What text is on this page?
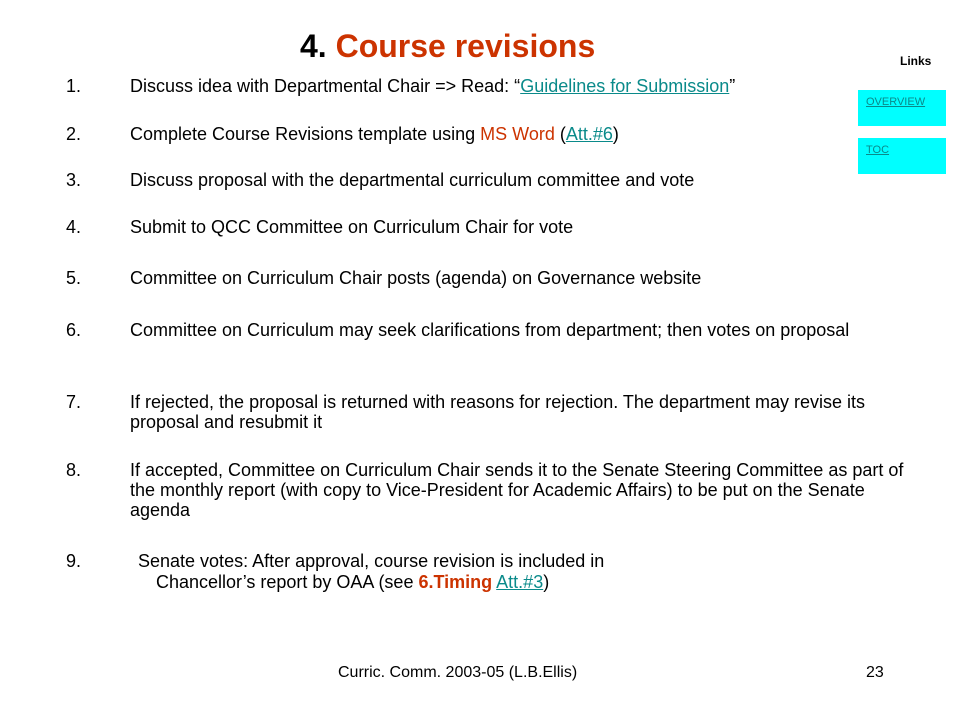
4. Course revisions	Links
OVERVIEW
TOC
1.	Discuss idea with Departmental Chair => Read: “Guidelines for Submission”
2.	Complete Course Revisions template using MS Word (Att.#6)
3.	Discuss proposal with the departmental curriculum committee and vote
4.	Submit to QCC Committee on Curriculum Chair for vote
5.	Committee on Curriculum Chair posts (agenda) on Governance website
6.	Committee on Curriculum may seek clarifications from department; then votes on proposal
7.	If rejected, the proposal is returned with reasons for rejection. The department may revise its proposal and resubmit it
8.	If accepted, Committee on Curriculum Chair sends it to the Senate Steering Committee as part of the monthly report (with copy to Vice-President for Academic Affairs) to be put on the Senate agenda
9.	Senate votes: After approval, course revision is included in
Chancellor’s report by OAA (see 6.Timing Att.#3)
Curric. Comm. 2003-05 (L.B.Ellis)	23
